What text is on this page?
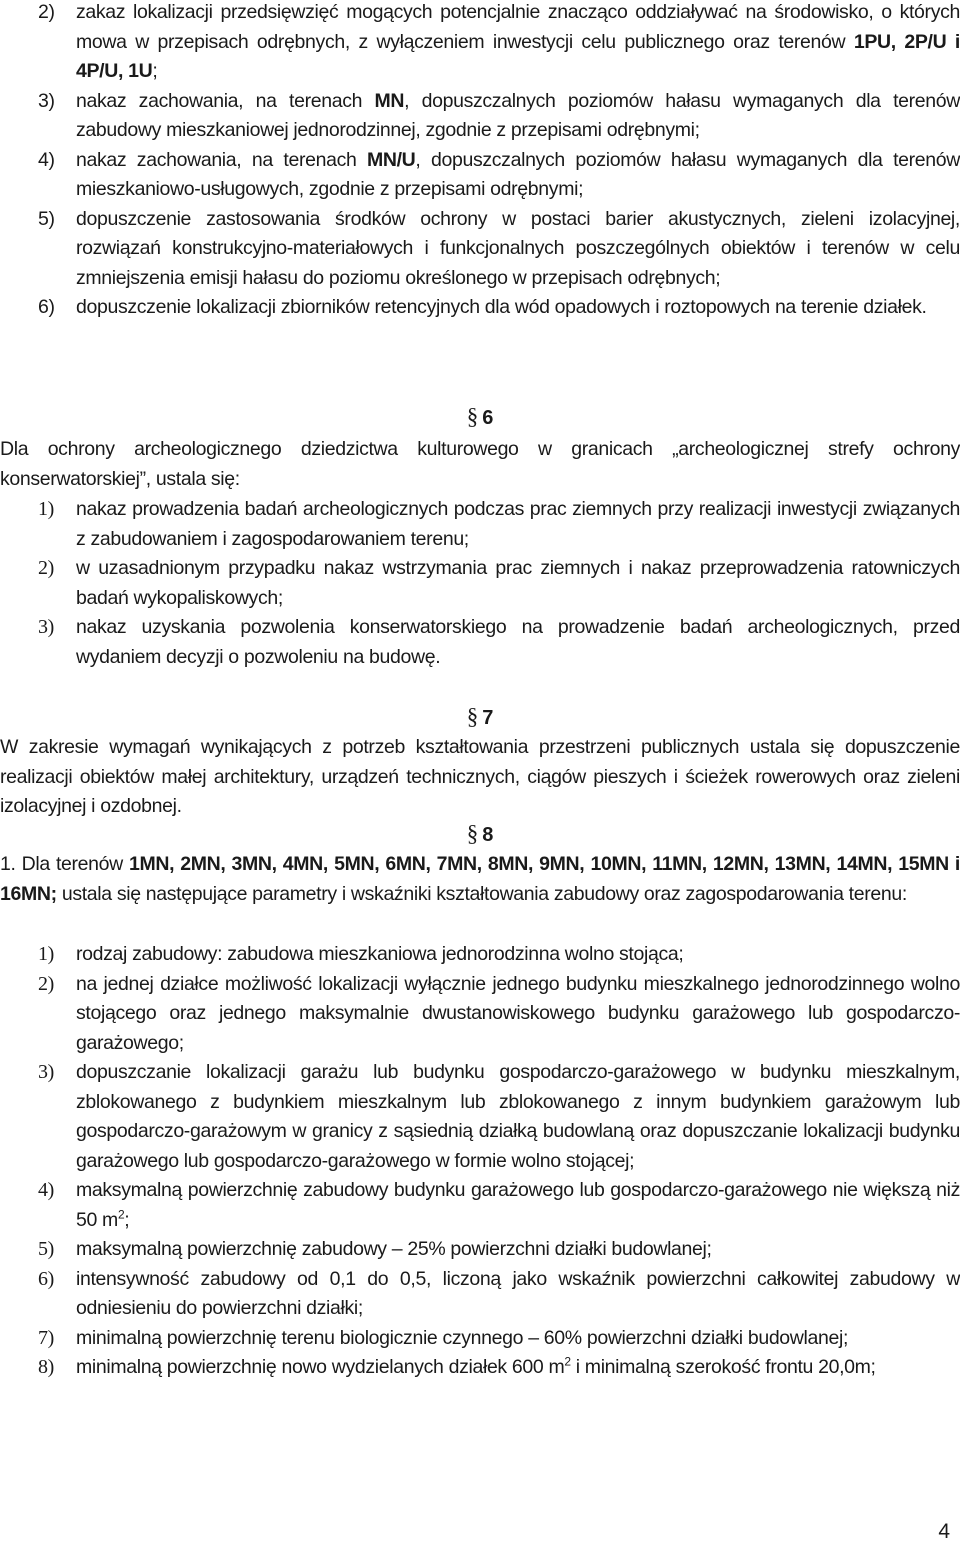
2) zakaz lokalizacji przedsięwzięć mogących potencjalnie znacząco oddziaływać na środowisko, o których mowa w przepisach odrębnych, z wyłączeniem inwestycji celu publicznego oraz terenów 1PU, 2P/U i 4P/U, 1U;
3) nakaz zachowania, na terenach MN, dopuszczalnych poziomów hałasu wymaganych dla terenów zabudowy mieszkaniowej jednorodzinnej, zgodnie z przepisami odrębnymi;
4) nakaz zachowania, na terenach MN/U, dopuszczalnych poziomów hałasu wymaganych dla terenów mieszkaniowo-usługowych, zgodnie z przepisami odrębnymi;
5) dopuszczenie zastosowania środków ochrony w postaci barier akustycznych, zieleni izolacyjnej, rozwiązań konstrukcyjno-materiałowych i funkcjonalnych poszczególnych obiektów i terenów w celu zmniejszenia emisji hałasu do poziomu określonego w przepisach odrębnych;
6) dopuszczenie lokalizacji zbiorników retencyjnych dla wód opadowych i roztopowych na terenie działek.
§ 6
Dla ochrony archeologicznego dziedzictwa kulturowego w granicach „archeologicznej strefy ochrony konserwatorskiej”, ustala się:
1) nakaz prowadzenia badań archeologicznych podczas prac ziemnych przy realizacji inwestycji związanych z zabudowaniem i zagospodarowaniem terenu;
2) w uzasadnionym przypadku nakaz wstrzymania prac ziemnych i nakaz przeprowadzenia ratowniczych badań wykopaliskowych;
3) nakaz uzyskania pozwolenia konserwatorskiego na prowadzenie badań archeologicznych, przed wydaniem decyzji o pozwoleniu na budowę.
§ 7
W zakresie wymagań wynikających z potrzeb kształtowania przestrzeni publicznych ustala się dopuszczenie realizacji obiektów małej architektury, urządzeń technicznych, ciągów pieszych i ścieżek rowerowych oraz zieleni izolacyjnej i ozdobnej.
§ 8
1. Dla terenów 1MN, 2MN, 3MN, 4MN, 5MN, 6MN, 7MN, 8MN, 9MN, 10MN, 11MN, 12MN, 13MN, 14MN, 15MN i 16MN; ustala się następujące parametry i wskaźniki kształtowania zabudowy oraz zagospodarowania terenu:
1) rodzaj zabudowy: zabudowa mieszkaniowa jednorodzinna wolno stojąca;
2) na jednej działce możliwość lokalizacji wyłącznie jednego budynku mieszkalnego jednorodzinnego wolno stojącego oraz jednego maksymalnie dwustanowiskowego budynku garażowego lub gospodarczo-garażowego;
3) dopuszczanie lokalizacji garażu lub budynku gospodarczo-garażowego w budynku mieszkalnym, zblokowanego z budynkiem mieszkalnym lub zblokowanego z innym budynkiem garażowym lub gospodarczo-garażowym w granicy z sąsiednią działką budowlaną oraz dopuszczanie lokalizacji budynku garażowego lub gospodarczo-garażowego w formie wolno stojącej;
4) maksymalną powierzchnię zabudowy budynku garażowego lub gospodarczo-garażowego nie większą niż 50 $m^2$;
5) maksymalną powierzchnię zabudowy – 25% powierzchni działki budowlanej;
6) intensywność zabudowy od 0,1 do 0,5, liczoną jako wskaźnik powierzchni całkowitej zabudowy w odniesieniu do powierzchni działki;
7) minimalną powierzchnię terenu biologicznie czynnego – 60% powierzchni działki budowlanej;
8) minimalną powierzchnię nowo wydzielanych działek 600 $m^2$ i minimalną szerokość frontu 20,0m;
4
